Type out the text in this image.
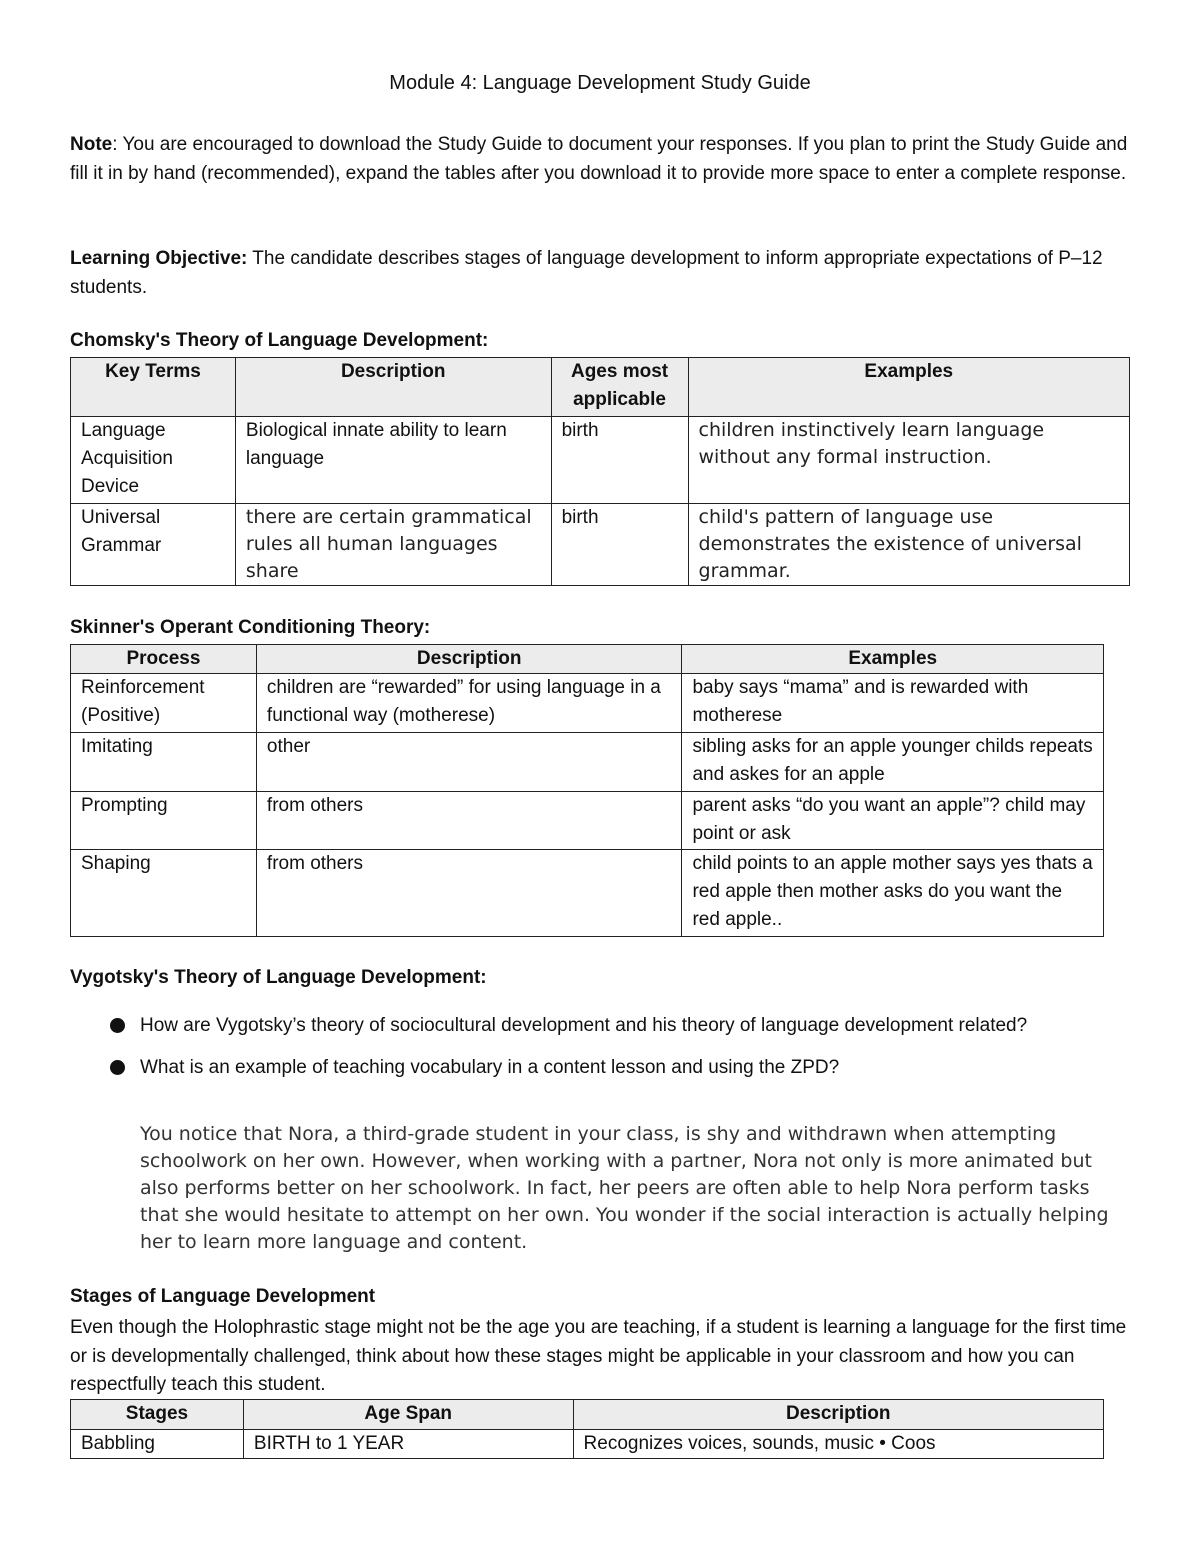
Module 4: Language Development Study Guide
Note: You are encouraged to download the Study Guide to document your responses. If you plan to print the Study Guide and fill it in by hand (recommended), expand the tables after you download it to provide more space to enter a complete response.
Learning Objective: The candidate describes stages of language development to inform appropriate expectations of P–12 students.
Chomsky's Theory of Language Development:
Key Terms	Description	Ages most applicable	Examples
Language Acquisition Device	Biological innate ability to learn language	birth	children instinctively learn language without any formal instruction.
Universal Grammar	there are certain grammatical rules all human languages share	birth	child's pattern of language use demonstrates the existence of universal grammar.
Skinner's Operant Conditioning Theory:
Process	Description	Examples
Reinforcement (Positive)	children are “rewarded” for using language in a functional way (motherese)	baby says “mama” and is rewarded with motherese
Imitating	other	sibling asks for an apple younger childs repeats and askes for an apple
Prompting	from others	parent asks “do you want an apple”? child may point or ask
Shaping	from others	child points to an apple mother says yes thats a red apple then mother asks do you want the red apple..
Vygotsky's Theory of Language Development:
How are Vygotsky’s theory of sociocultural development and his theory of language development related?
What is an example of teaching vocabulary in a content lesson and using the ZPD?
You notice that Nora, a third-grade student in your class, is shy and withdrawn when attempting schoolwork on her own. However, when working with a partner, Nora not only is more animated but also performs better on her schoolwork. In fact, her peers are often able to help Nora perform tasks that she would hesitate to attempt on her own. You wonder if the social interaction is actually helping her to learn more language and content.
Stages of Language Development
Even though the Holophrastic stage might not be the age you are teaching, if a student is learning a language for the first time or is developmentally challenged, think about how these stages might be applicable in your classroom and how you can respectfully teach this student.
Stages	Age Span	Description
Babbling	BIRTH to 1 YEAR	Recognizes voices, sounds, music • Coos
